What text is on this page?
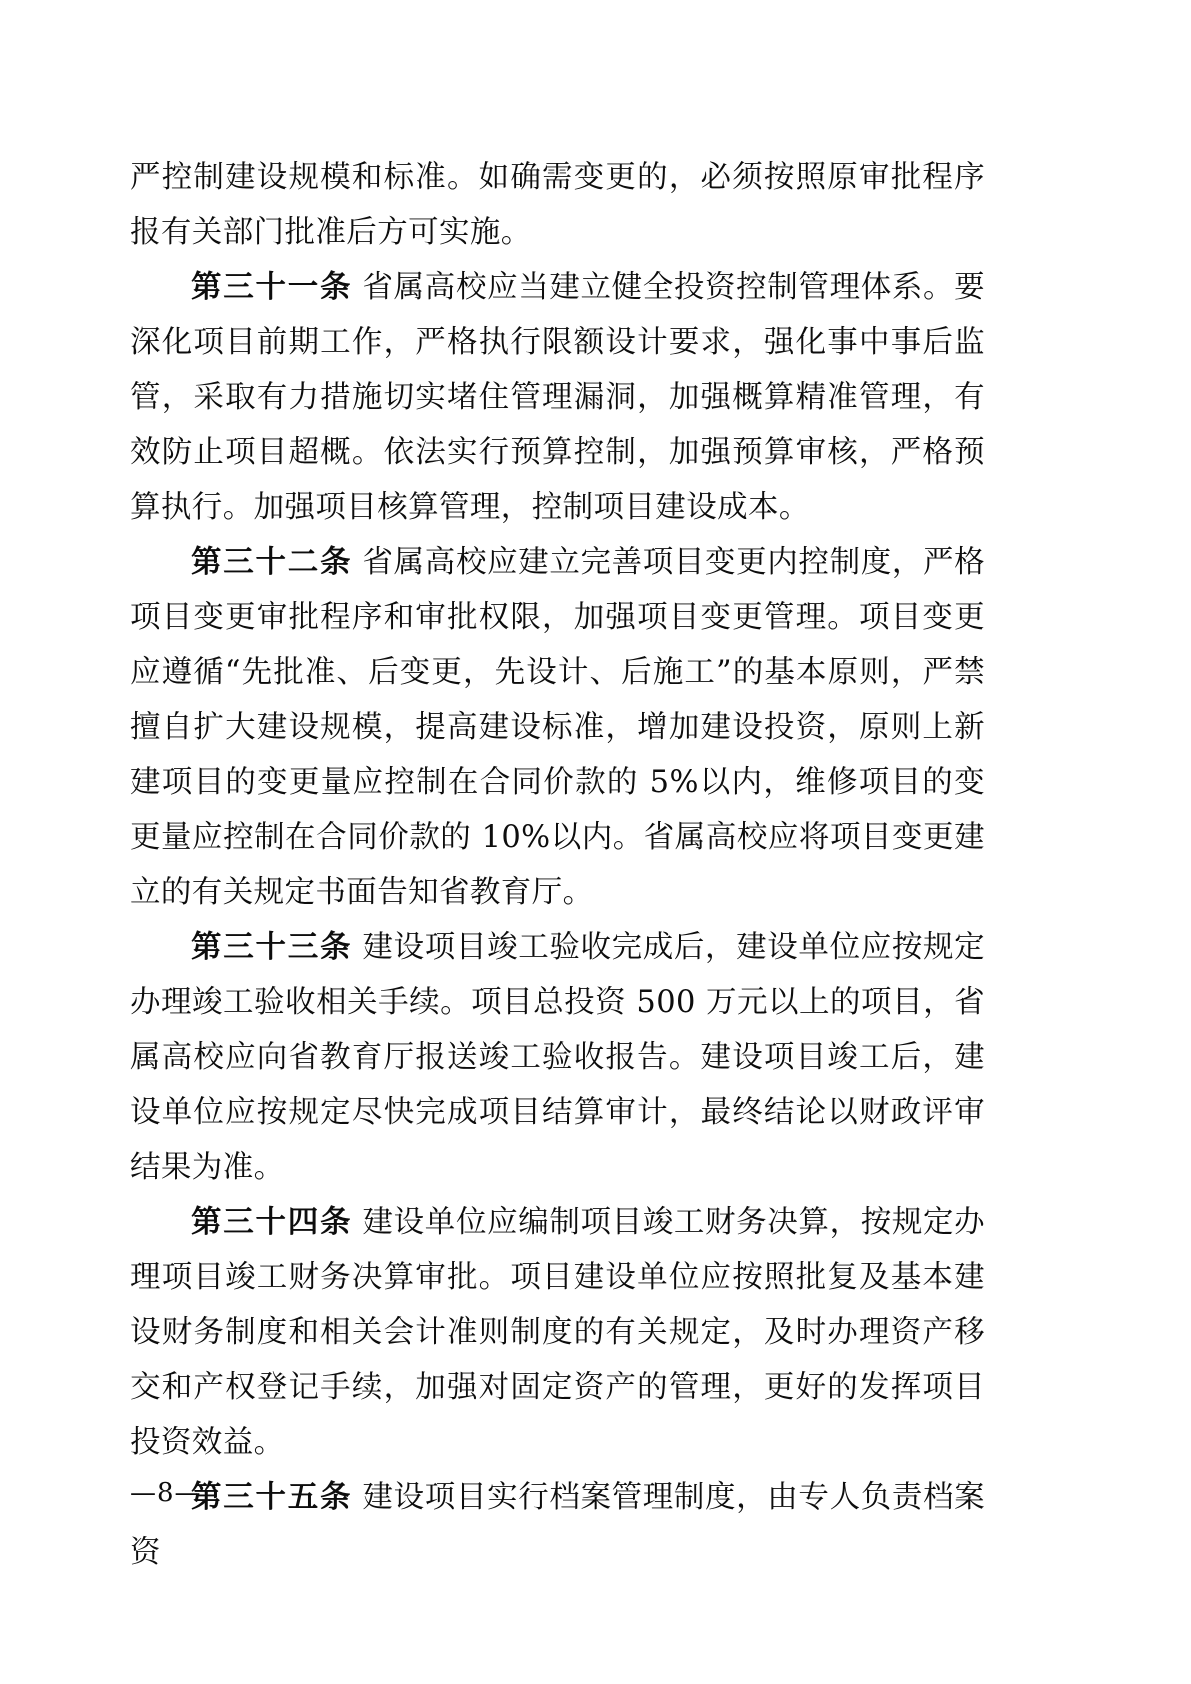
严控制建设规模和标准。如确需变更的，必须按照原审批程序报有关部门批准后方可实施。

第三十一条 省属高校应当建立健全投资控制管理体系。要深化项目前期工作，严格执行限额设计要求，强化事中事后监管，采取有力措施切实堵住管理漏洞，加强概算精准管理，有效防止项目超概。依法实行预算控制，加强预算审核，严格预算执行。加强项目核算管理，控制项目建设成本。

第三十二条 省属高校应建立完善项目变更内控制度，严格项目变更审批程序和审批权限，加强项目变更管理。项目变更应遵循“先批准、后变更，先设计、后施工”的基本原则，严禁擅自扩大建设规模，提高建设标准，增加建设投资，原则上新建项目的变更量应控制在合同价款的 5%以内，维修项目的变更量应控制在合同价款的 10%以内。省属高校应将项目变更建立的有关规定书面告知省教育厅。

第三十三条 建设项目竣工验收完成后，建设单位应按规定办理竣工验收相关手续。项目总投资 500 万元以上的项目，省属高校应向省教育厅报送竣工验收报告。建设项目竣工后，建设单位应按规定尽快完成项目结算审计，最终结论以财政评审结果为准。

第三十四条 建设单位应编制项目竣工财务决算，按规定办理项目竣工财务决算审批。项目建设单位应按照批复及基本建设财务制度和相关会计准则制度的有关规定，及时办理资产移交和产权登记手续，加强对固定资产的管理，更好的发挥项目投资效益。

第三十五条 建设项目实行档案管理制度，由专人负责档案资

—8—
